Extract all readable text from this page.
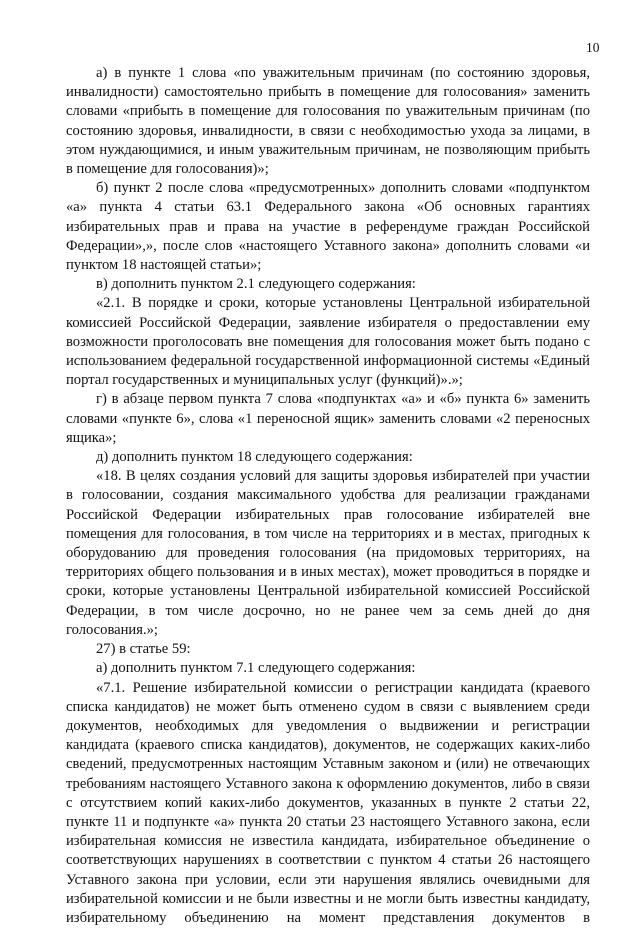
10

а) в пункте 1 слова «по уважительным причинам (по состоянию здоровья, инвалидности) самостоятельно прибыть в помещение для голосования» заменить словами «прибыть в помещение для голосования по уважительным причинам (по состоянию здоровья, инвалидности, в связи с необходимостью ухода за лицами, в этом нуждающимися, и иным уважительным причинам, не позволяющим прибыть в помещение для голосования)»;

б) пункт 2 после слова «предусмотренных» дополнить словами «подпунктом «а» пункта 4 статьи 63.1 Федерального закона «Об основных гарантиях избирательных прав и права на участие в референдуме граждан Российской Федерации»,», после слов «настоящего Уставного закона» дополнить словами «и пунктом 18 настоящей статьи»;

в) дополнить пунктом 2.1 следующего содержания:

«2.1. В порядке и сроки, которые установлены Центральной избирательной комиссией Российской Федерации, заявление избирателя о предоставлении ему возможности проголосовать вне помещения для голосования может быть подано с использованием федеральной государственной информационной системы «Единый портал государственных и муниципальных услуг (функций)».»;

г) в абзаце первом пункта 7 слова «подпунктах «а» и «б» пункта 6» заменить словами «пункте 6», слова «1 переносной ящик» заменить словами «2 переносных ящика»;

д) дополнить пунктом 18 следующего содержания:

«18. В целях создания условий для защиты здоровья избирателей при участии в голосовании, создания максимального удобства для реализации гражданами Российской Федерации избирательных прав голосование избирателей вне помещения для голосования, в том числе на территориях и в местах, пригодных к оборудованию для проведения голосования (на придомовых территориях, на территориях общего пользования и в иных местах), может проводиться в порядке и сроки, которые установлены Центральной избирательной комиссией Российской Федерации, в том числе досрочно, но не ранее чем за семь дней до дня голосования.»;

27) в статье 59:

а) дополнить пунктом 7.1 следующего содержания:

«7.1. Решение избирательной комиссии о регистрации кандидата (краевого списка кандидатов) не может быть отменено судом в связи с выявлением среди документов, необходимых для уведомления о выдвижении и регистрации кандидата (краевого списка кандидатов), документов, не содержащих каких-либо сведений, предусмотренных настоящим Уставным законом и (или) не отвечающих требованиям настоящего Уставного закона к оформлению документов, либо в связи с отсутствием копий каких-либо документов, указанных в пункте 2 статьи 22, пункте 11 и подпункте «а» пункта 20 статьи 23 настоящего Уставного закона, если избирательная комиссия не известила кандидата, избирательное объединение о соответствующих нарушениях в соответствии с пунктом 4 статьи 26 настоящего Уставного закона при условии, если эти нарушения являлись очевидными для избирательной комиссии и не были известны и не могли быть известны кандидату, избирательному объединению на момент представления документов в
